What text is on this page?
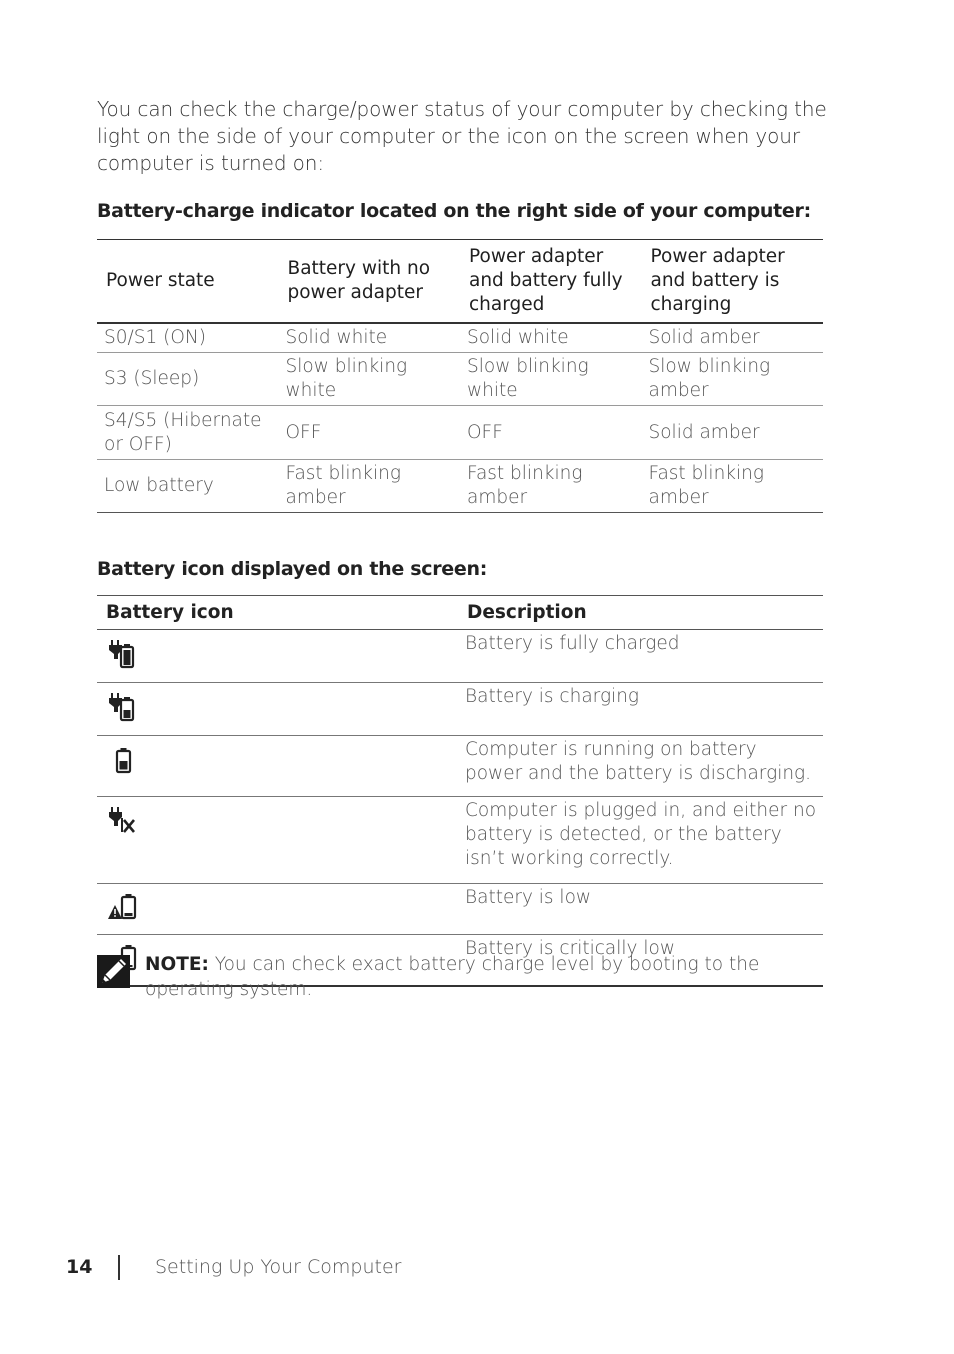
You can check the charge/power status of your computer by checking the light on the side of your computer or the icon on the screen when your computer is turned on:

Battery-charge indicator located on the right side of your computer:
Power state	Battery with no power adapter	Power adapter and battery fully charged	Power adapter and battery is charging
S0/S1 (ON)	Solid white	Solid white	Solid amber
S3 (Sleep)	Slow blinking white	Slow blinking white	Slow blinking amber
S4/S5 (Hibernate or OFF)	OFF	OFF	Solid amber
Low battery	Fast blinking amber	Fast blinking amber	Fast blinking amber
Battery icon displayed on the screen:
Battery icon	Description

	Battery is fully charged

	Battery is charging

	Computer is running on battery power and the battery is discharging.

	Computer is plugged in, and either no battery is detected, or the battery isn’t working correctly.

	Battery is low

	Battery is critically low

NOTE: You can check exact battery charge level by booting to the operating system.

14	Setting Up Your Computer
